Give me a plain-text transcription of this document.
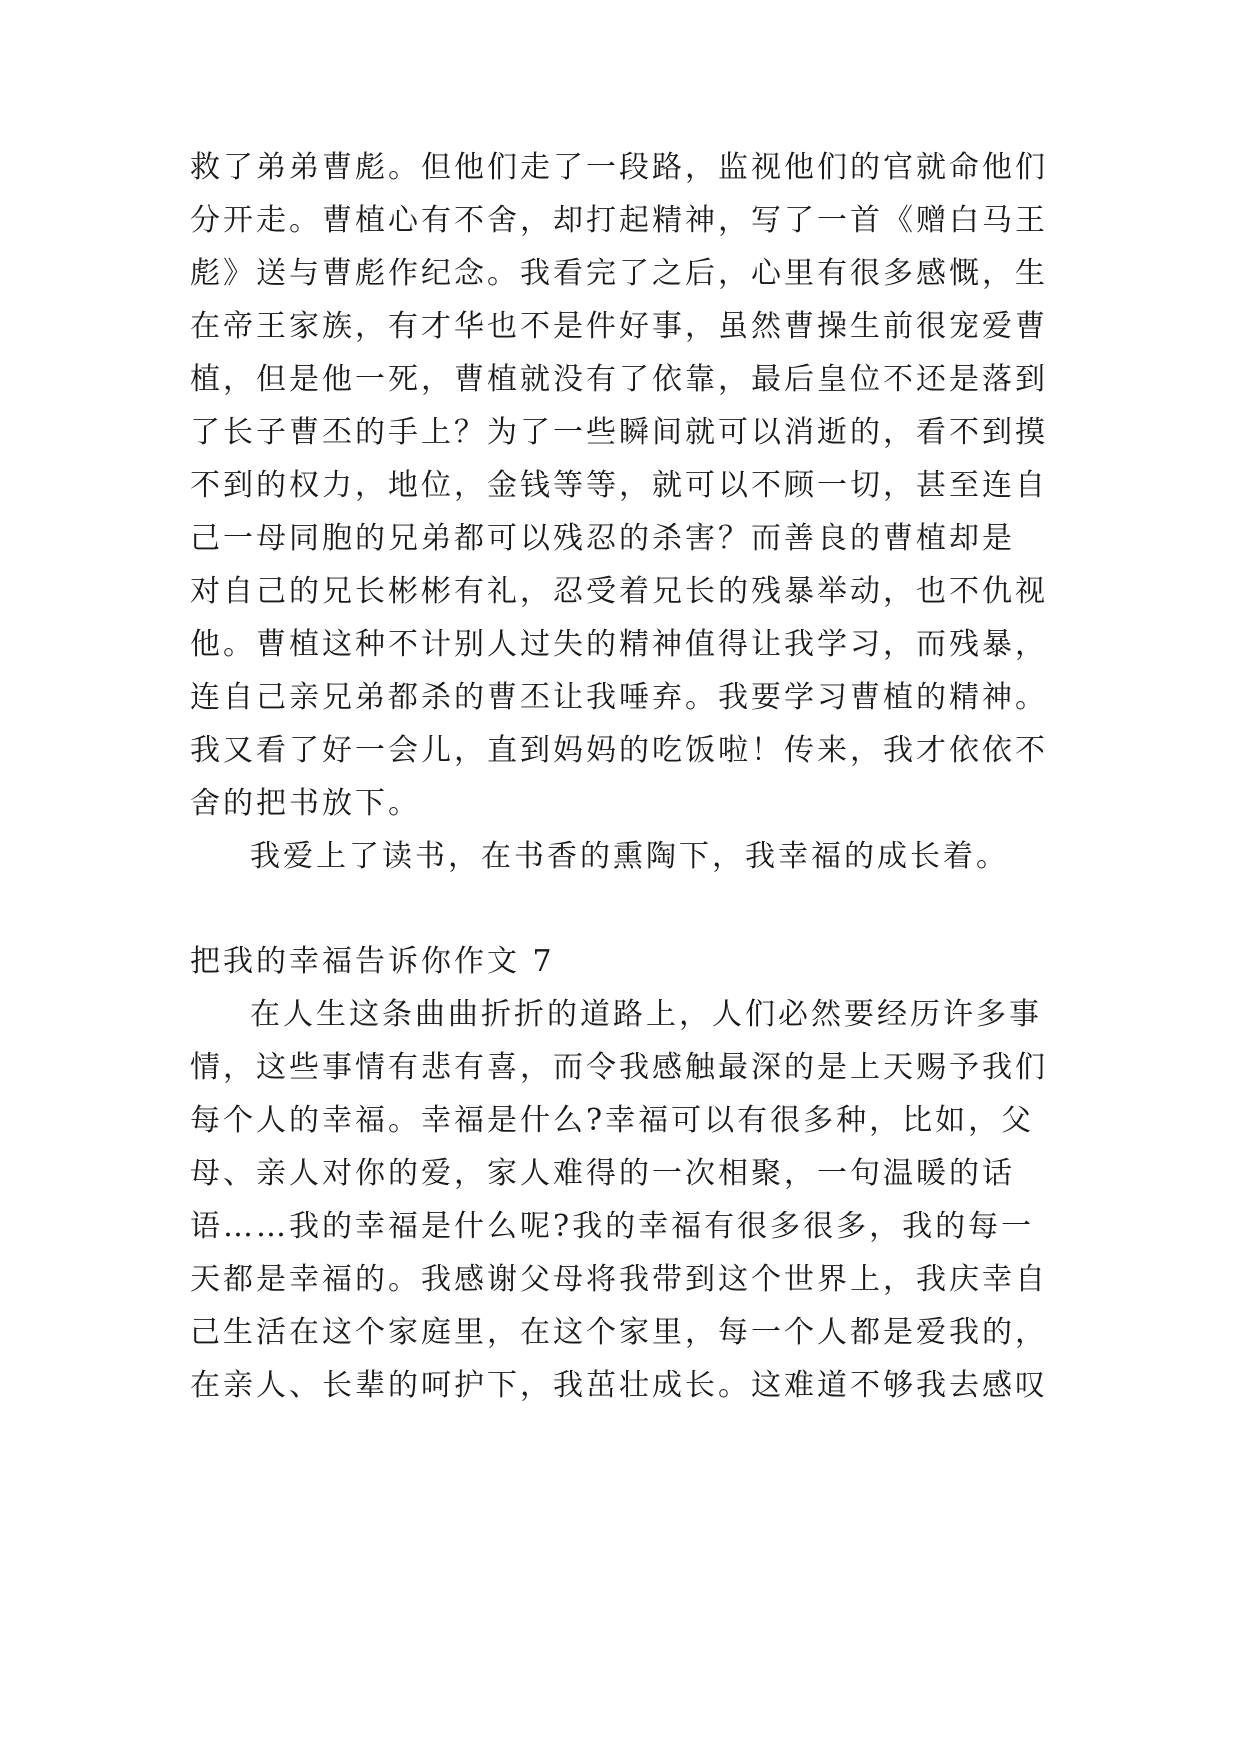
救了弟弟曹彪。但他们走了一段路，监视他们的官就命他们
分开走。曹植心有不舍，却打起精神，写了一首《赠白马王
彪》送与曹彪作纪念。我看完了之后，心里有很多感慨，生
在帝王家族，有才华也不是件好事，虽然曹操生前很宠爱曹
植，但是他一死，曹植就没有了依靠，最后皇位不还是落到
了长子曹丕的手上？为了一些瞬间就可以消逝的，看不到摸
不到的权力，地位，金钱等等，就可以不顾一切，甚至连自
己一母同胞的兄弟都可以残忍的杀害？而善良的曹植却是
对自己的兄长彬彬有礼，忍受着兄长的残暴举动，也不仇视
他。曹植这种不计别人过失的精神值得让我学习，而残暴，
连自己亲兄弟都杀的曹丕让我唾弃。我要学习曹植的精神。
我又看了好一会儿，直到妈妈的吃饭啦！传来，我才依依不
舍的把书放下。
我爱上了读书，在书香的熏陶下，我幸福的成长着。
把我的幸福告诉你作文 7
在人生这条曲曲折折的道路上，人们必然要经历许多事
情，这些事情有悲有喜，而令我感触最深的是上天赐予我们
每个人的幸福。幸福是什么?幸福可以有很多种，比如，父
母、亲人对你的爱，家人难得的一次相聚，一句温暖的话
语……我的幸福是什么呢?我的幸福有很多很多，我的每一
天都是幸福的。我感谢父母将我带到这个世界上，我庆幸自
己生活在这个家庭里，在这个家里，每一个人都是爱我的，
在亲人、长辈的呵护下，我茁壮成长。这难道不够我去感叹
